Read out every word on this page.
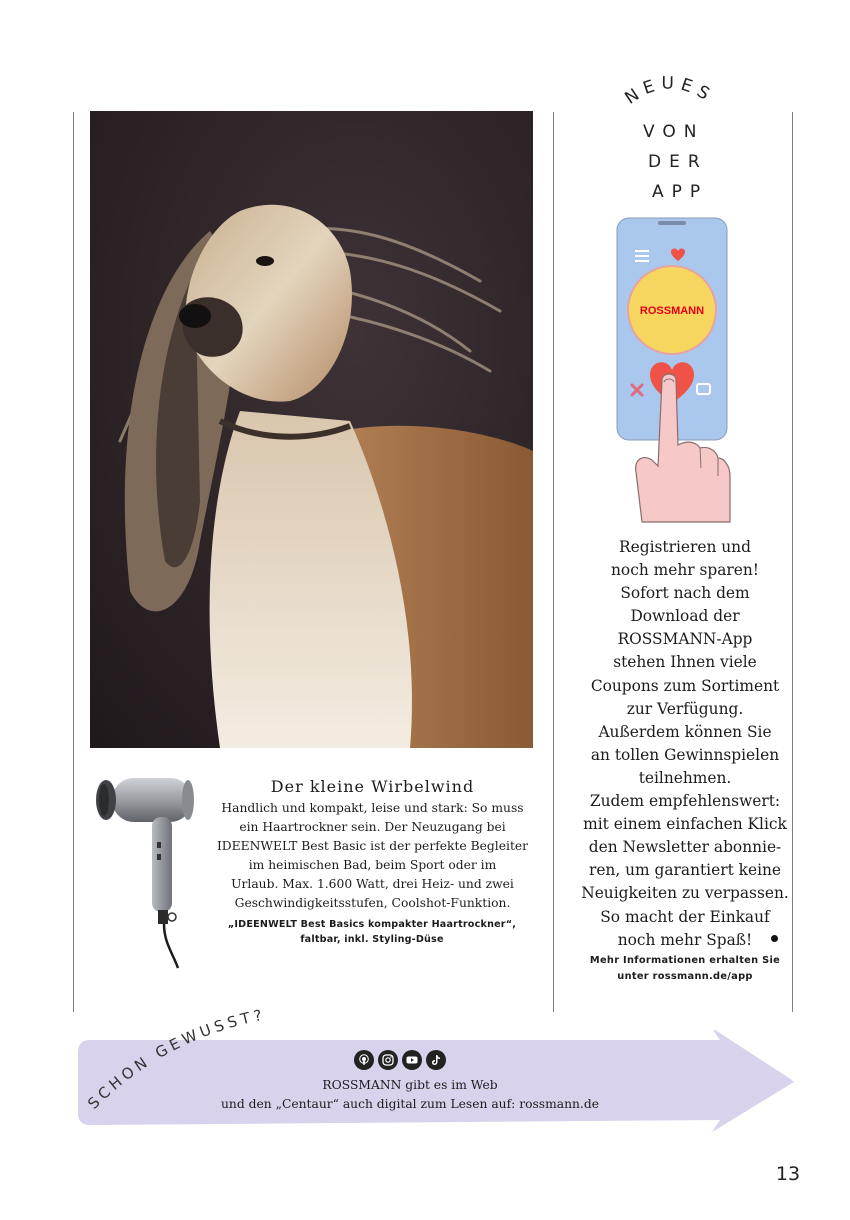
Der kleine Wirbelwind
Handlich und kompakt, leise und stark: So muss
ein Haartrockner sein. Der Neuzugang bei
IDEENWELT Best Basic ist der perfekte Begleiter
im heimischen Bad, beim Sport oder im
Urlaub. Max. 1.600 Watt, drei Heiz- und zwei
Geschwindigkeitsstufen, Coolshot-Funktion.
„IDEENWELT Best Basics kompakter Haartrockner“,
faltbar, inkl. Styling-Düse
NEUES
VON
DER
APP
ROSSMANN
Registrieren und
noch mehr sparen!
Sofort nach dem
Download der
ROSSMANN-App
stehen Ihnen viele
Coupons zum Sortiment
zur Verfügung.
Außerdem können Sie
an tollen Gewinnspielen
teilnehmen.
Zudem empfehlenswert:
mit einem einfachen Klick
den Newsletter abonnie-
ren, um garantiert keine
Neuigkeiten zu verpassen.
So macht der Einkauf
noch mehr Spaß!
Mehr Informationen erhalten Sie
unter rossmann.de/app
SCHON GEWUSST?
ROSSMANN gibt es im Web
und den „Centaur“ auch digital zum Lesen auf: rossmann.de
13
